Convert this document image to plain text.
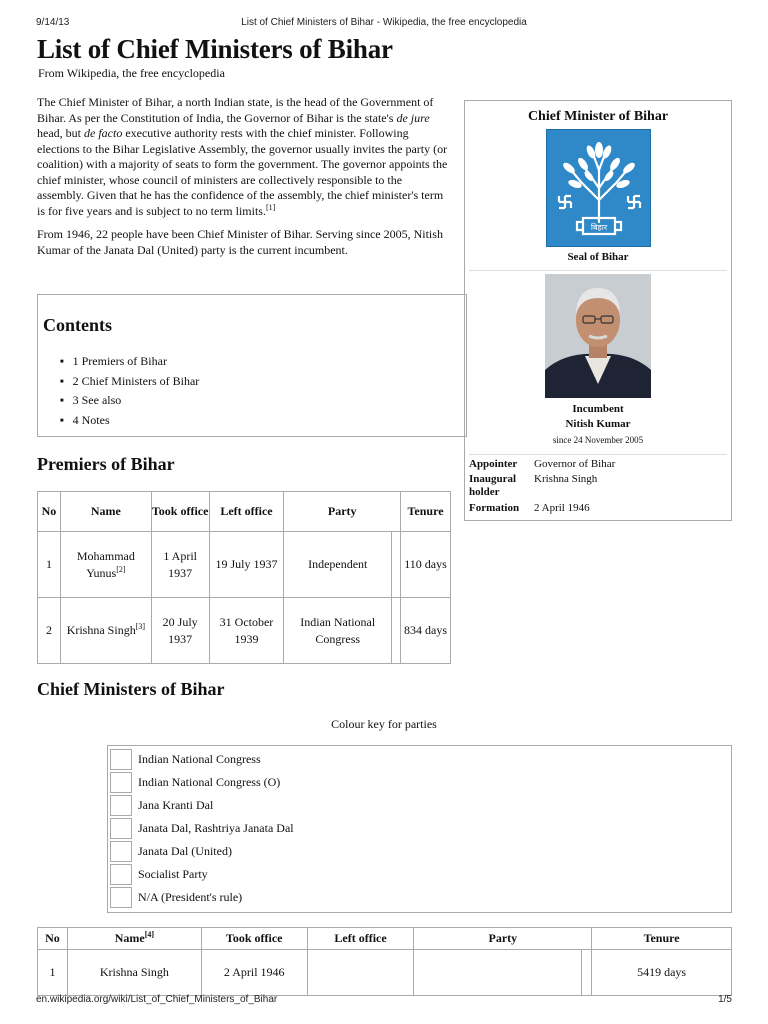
9/14/13	List of Chief Ministers of Bihar - Wikipedia, the free encyclopedia
List of Chief Ministers of Bihar
From Wikipedia, the free encyclopedia

The Chief Minister of Bihar, a north Indian state, is the head of the Government of Bihar. As per the Constitution of India, the Governor of Bihar is the state's de jure head, but de facto executive authority rests with the chief minister. Following elections to the Bihar Legislative Assembly, the governor usually invites the party (or coalition) with a majority of seats to form the government. The governor appoints the chief minister, whose council of ministers are collectively responsible to the assembly. Given that he has the confidence of the assembly, the chief minister's term is for five years and is subject to no term limits.[1]

From 1946, 22 people have been Chief Minister of Bihar. Serving since 2005, Nitish Kumar of the Janata Dal (United) party is the current incumbent.

Contents
■ 1 Premiers of Bihar
■ 2 Chief Ministers of Bihar
■ 3 See also
■ 4 Notes
Chief Minister of Bihar
बिहार
Seal of Bihar
Incumbent
Nitish Kumar
since 24 November 2005
Appointer	Governor of Bihar
Inaugural holder
Krishna Singh
Formation	2 April 1946
Premiers of Bihar
No	Name	Took office	Left office	Party		Tenure
1	Mohammad Yunus[2]	1 April 1937	19 July 1937	Independent		110 days
2	Krishna Singh[3]	20 July 1937	31 October 1939	Indian National Congress		834 days
Chief Ministers of Bihar
Colour key for parties
Indian National Congress
Indian National Congress (O)
Jana Kranti Dal
Janata Dal, Rashtriya Janata Dal
Janata Dal (United)
Socialist Party
N/A (President's rule)
No	Name[4]	Took office	Left office	Party		Tenure
1	Krishna Singh	2 April 1946				5419 days
en.wikipedia.org/wiki/List_of_Chief_Ministers_of_Bihar	1/5
